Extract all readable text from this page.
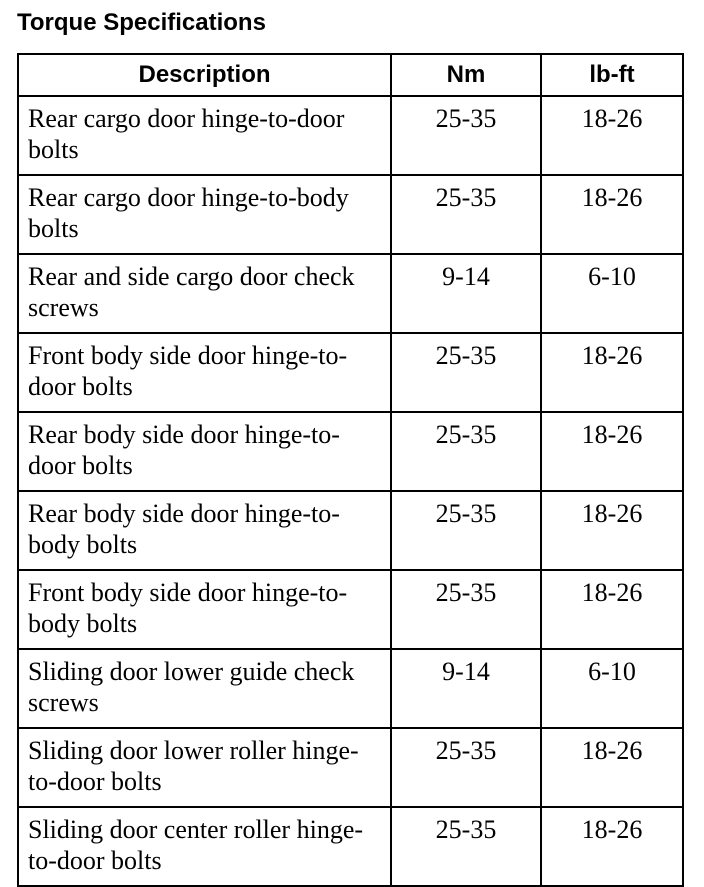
Torque Specifications
Description	Nm	lb-ft
Rear cargo door hinge-to-door bolts	25-35	18-26
Rear cargo door hinge-to-body bolts	25-35	18-26
Rear and side cargo door check screws	9-14	6-10
Front body side door hinge-to-door bolts	25-35	18-26
Rear body side door hinge-to-door bolts	25-35	18-26
Rear body side door hinge-to-body bolts	25-35	18-26
Front body side door hinge-to-body bolts	25-35	18-26
Sliding door lower guide check screws	9-14	6-10
Sliding door lower roller hinge-to-door bolts	25-35	18-26
Sliding door center roller hinge-to-door bolts	25-35	18-26
